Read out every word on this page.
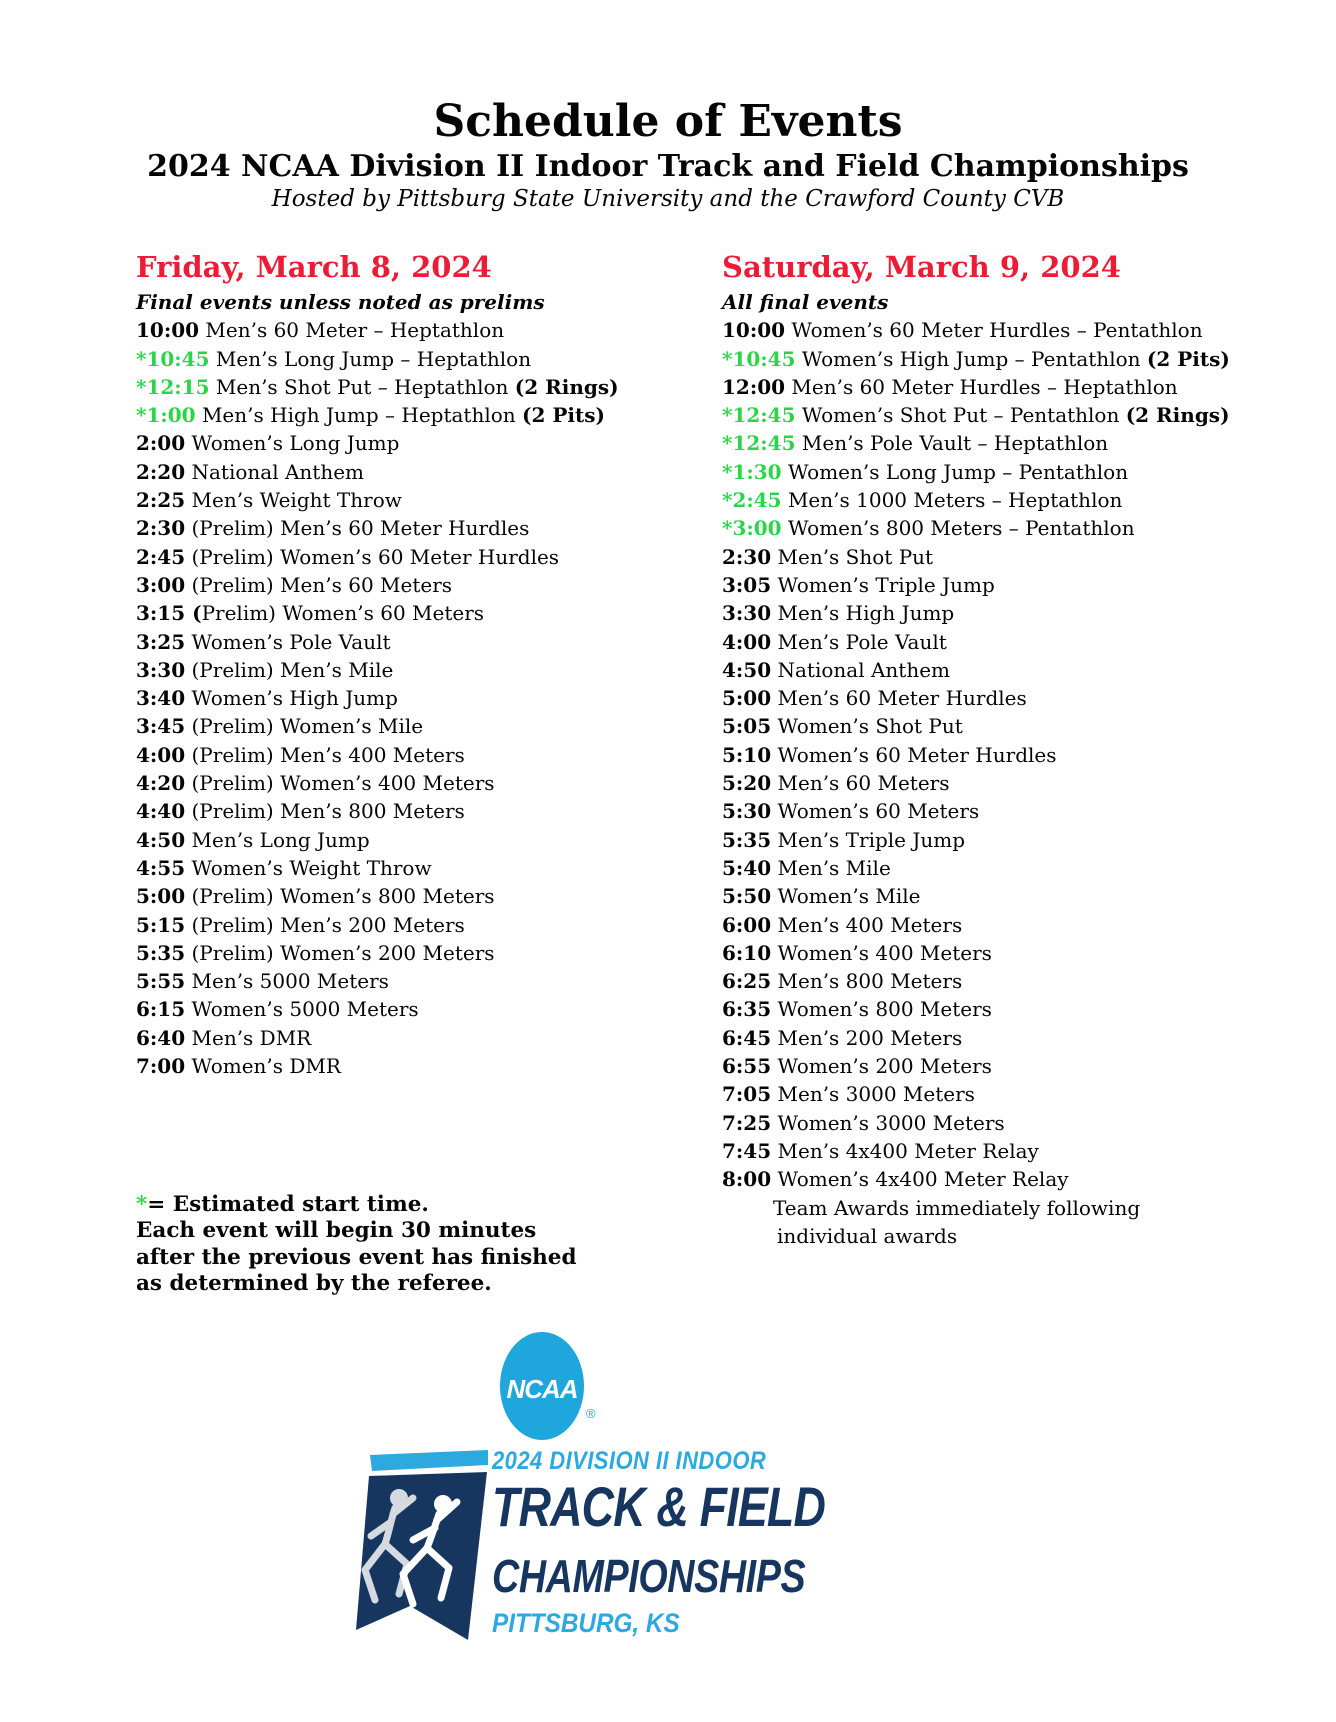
Schedule of Events
2024 NCAA Division II Indoor Track and Field Championships
Hosted by Pittsburg State University and the Crawford County CVB
Friday, March 8, 2024
Final events unless noted as prelims
10:00 Men’s 60 Meter – Heptathlon
*10:45 Men’s Long Jump – Heptathlon
*12:15 Men’s Shot Put – Heptathlon (2 Rings)
*1:00 Men’s High Jump – Heptathlon (2 Pits)
2:00 Women’s Long Jump
2:20 National Anthem
2:25 Men’s Weight Throw
2:30 (Prelim) Men’s 60 Meter Hurdles
2:45 (Prelim) Women’s 60 Meter Hurdles
3:00 (Prelim) Men’s 60 Meters
3:15 (Prelim) Women’s 60 Meters
3:25 Women’s Pole Vault
3:30 (Prelim) Men’s Mile
3:40 Women’s High Jump
3:45 (Prelim) Women’s Mile
4:00 (Prelim) Men’s 400 Meters
4:20 (Prelim) Women’s 400 Meters
4:40 (Prelim) Men’s 800 Meters
4:50 Men’s Long Jump
4:55 Women’s Weight Throw
5:00 (Prelim) Women’s 800 Meters
5:15 (Prelim) Men’s 200 Meters
5:35 (Prelim) Women’s 200 Meters
5:55 Men’s 5000 Meters
6:15 Women’s 5000 Meters
6:40 Men’s DMR
7:00 Women’s DMR
Saturday, March 9, 2024
All final events
10:00 Women’s 60 Meter Hurdles – Pentathlon
*10:45 Women’s High Jump – Pentathlon (2 Pits)
12:00 Men’s 60 Meter Hurdles – Heptathlon
*12:45 Women’s Shot Put – Pentathlon (2 Rings)
*12:45 Men’s Pole Vault – Heptathlon
*1:30 Women’s Long Jump – Pentathlon
*2:45 Men’s 1000 Meters – Heptathlon
*3:00 Women’s 800 Meters – Pentathlon
2:30 Men’s Shot Put
3:05 Women’s Triple Jump
3:30 Men’s High Jump
4:00 Men’s Pole Vault
4:50 National Anthem
5:00 Men’s 60 Meter Hurdles
5:05 Women’s Shot Put
5:10 Women’s 60 Meter Hurdles
5:20 Men’s 60 Meters
5:30 Women’s 60 Meters
5:35 Men’s Triple Jump
5:40 Men’s Mile
5:50 Women’s Mile
6:00 Men’s 400 Meters
6:10 Women’s 400 Meters
6:25 Men’s 800 Meters
6:35 Women’s 800 Meters
6:45 Men’s 200 Meters
6:55 Women’s 200 Meters
7:05 Men’s 3000 Meters
7:25 Women’s 3000 Meters
7:45 Men’s 4x400 Meter Relay
8:00 Women’s 4x400 Meter Relay
Team Awards immediately following
individual awards
*= Estimated start time.
Each event will begin 30 minutes
after the previous event has finished
as determined by the referee.
NCAA
®
2024 DIVISION II INDOOR
TRACK & FIELD
CHAMPIONSHIPS
PITTSBURG, KS
